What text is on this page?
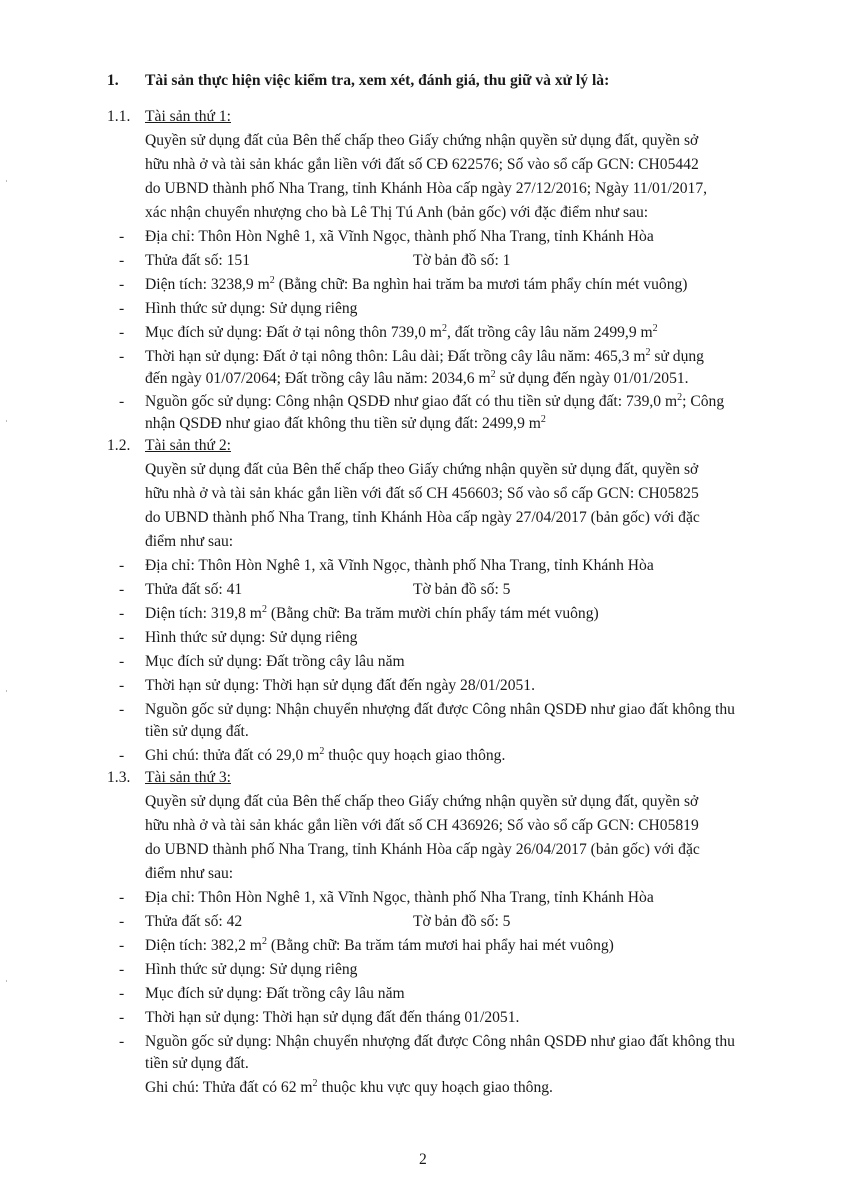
1. Tài sản thực hiện việc kiểm tra, xem xét, đánh giá, thu giữ và xử lý là:
1.1. Tài sản thứ 1:
Quyền sử dụng đất của Bên thế chấp theo Giấy chứng nhận quyền sử dụng đất, quyền sở
hữu nhà ở và tài sản khác gắn liền với đất số CĐ 622576; Số vào sổ cấp GCN: CH05442
do UBND thành phố Nha Trang, tỉnh Khánh Hòa cấp ngày 27/12/2016; Ngày 11/01/2017,
xác nhận chuyển nhượng cho bà Lê Thị Tú Anh (bản gốc) với đặc điểm như sau:
- Địa chỉ: Thôn Hòn Nghê 1, xã Vĩnh Ngọc, thành phố Nha Trang, tỉnh Khánh Hòa
- Thửa đất số: 151	Tờ bản đồ số: 1
- Diện tích: 3238,9 $m^2$ (Bằng chữ: Ba nghìn hai trăm ba mươi tám phẩy chín mét vuông)
- Hình thức sử dụng: Sử dụng riêng
- Mục đích sử dụng: Đất ở tại nông thôn 739,0 $m^2$, đất trồng cây lâu năm 2499,9 $m^2$
- Thời hạn sử dụng: Đất ở tại nông thôn: Lâu dài; Đất trồng cây lâu năm: 465,3 $m^2$ sử dụng
đến ngày 01/07/2064; Đất trồng cây lâu năm: 2034,6 $m^2$ sử dụng đến ngày 01/01/2051.
- Nguồn gốc sử dụng: Công nhận QSDĐ như giao đất có thu tiền sử dụng đất: 739,0 $m^2$; Công
nhận QSDĐ như giao đất không thu tiền sử dụng đất: 2499,9 $m^2$
1.2. Tài sản thứ 2:
Quyền sử dụng đất của Bên thế chấp theo Giấy chứng nhận quyền sử dụng đất, quyền sở
hữu nhà ở và tài sản khác gắn liền với đất số CH 456603; Số vào sổ cấp GCN: CH05825
do UBND thành phố Nha Trang, tỉnh Khánh Hòa cấp ngày 27/04/2017 (bản gốc) với đặc
điểm như sau:
- Địa chỉ: Thôn Hòn Nghê 1, xã Vĩnh Ngọc, thành phố Nha Trang, tỉnh Khánh Hòa
- Thửa đất số: 41	Tờ bản đồ số: 5
- Diện tích: 319,8 $m^2$ (Bằng chữ: Ba trăm mười chín phẩy tám mét vuông)
- Hình thức sử dụng: Sử dụng riêng
- Mục đích sử dụng: Đất trồng cây lâu năm
- Thời hạn sử dụng: Thời hạn sử dụng đất đến ngày 28/01/2051.
- Nguồn gốc sử dụng: Nhận chuyển nhượng đất được Công nhân QSDĐ như giao đất không thu
tiền sử dụng đất.
- Ghi chú: thửa đất có 29,0 $m^2$ thuộc quy hoạch giao thông.
1.3. Tài sản thứ 3:
Quyền sử dụng đất của Bên thế chấp theo Giấy chứng nhận quyền sử dụng đất, quyền sở
hữu nhà ở và tài sản khác gắn liền với đất số CH 436926; Số vào sổ cấp GCN: CH05819
do UBND thành phố Nha Trang, tỉnh Khánh Hòa cấp ngày 26/04/2017 (bản gốc) với đặc
điểm như sau:
- Địa chỉ: Thôn Hòn Nghê 1, xã Vĩnh Ngọc, thành phố Nha Trang, tỉnh Khánh Hòa
- Thửa đất số: 42	Tờ bản đồ số: 5
- Diện tích: 382,2 $m^2$ (Bằng chữ: Ba trăm tám mươi hai phẩy hai mét vuông)
- Hình thức sử dụng: Sử dụng riêng
- Mục đích sử dụng: Đất trồng cây lâu năm
- Thời hạn sử dụng: Thời hạn sử dụng đất đến tháng 01/2051.
- Nguồn gốc sử dụng: Nhận chuyển nhượng đất được Công nhân QSDĐ như giao đất không thu
tiền sử dụng đất.
Ghi chú: Thửa đất có 62 $m^2$ thuộc khu vực quy hoạch giao thông.
2
